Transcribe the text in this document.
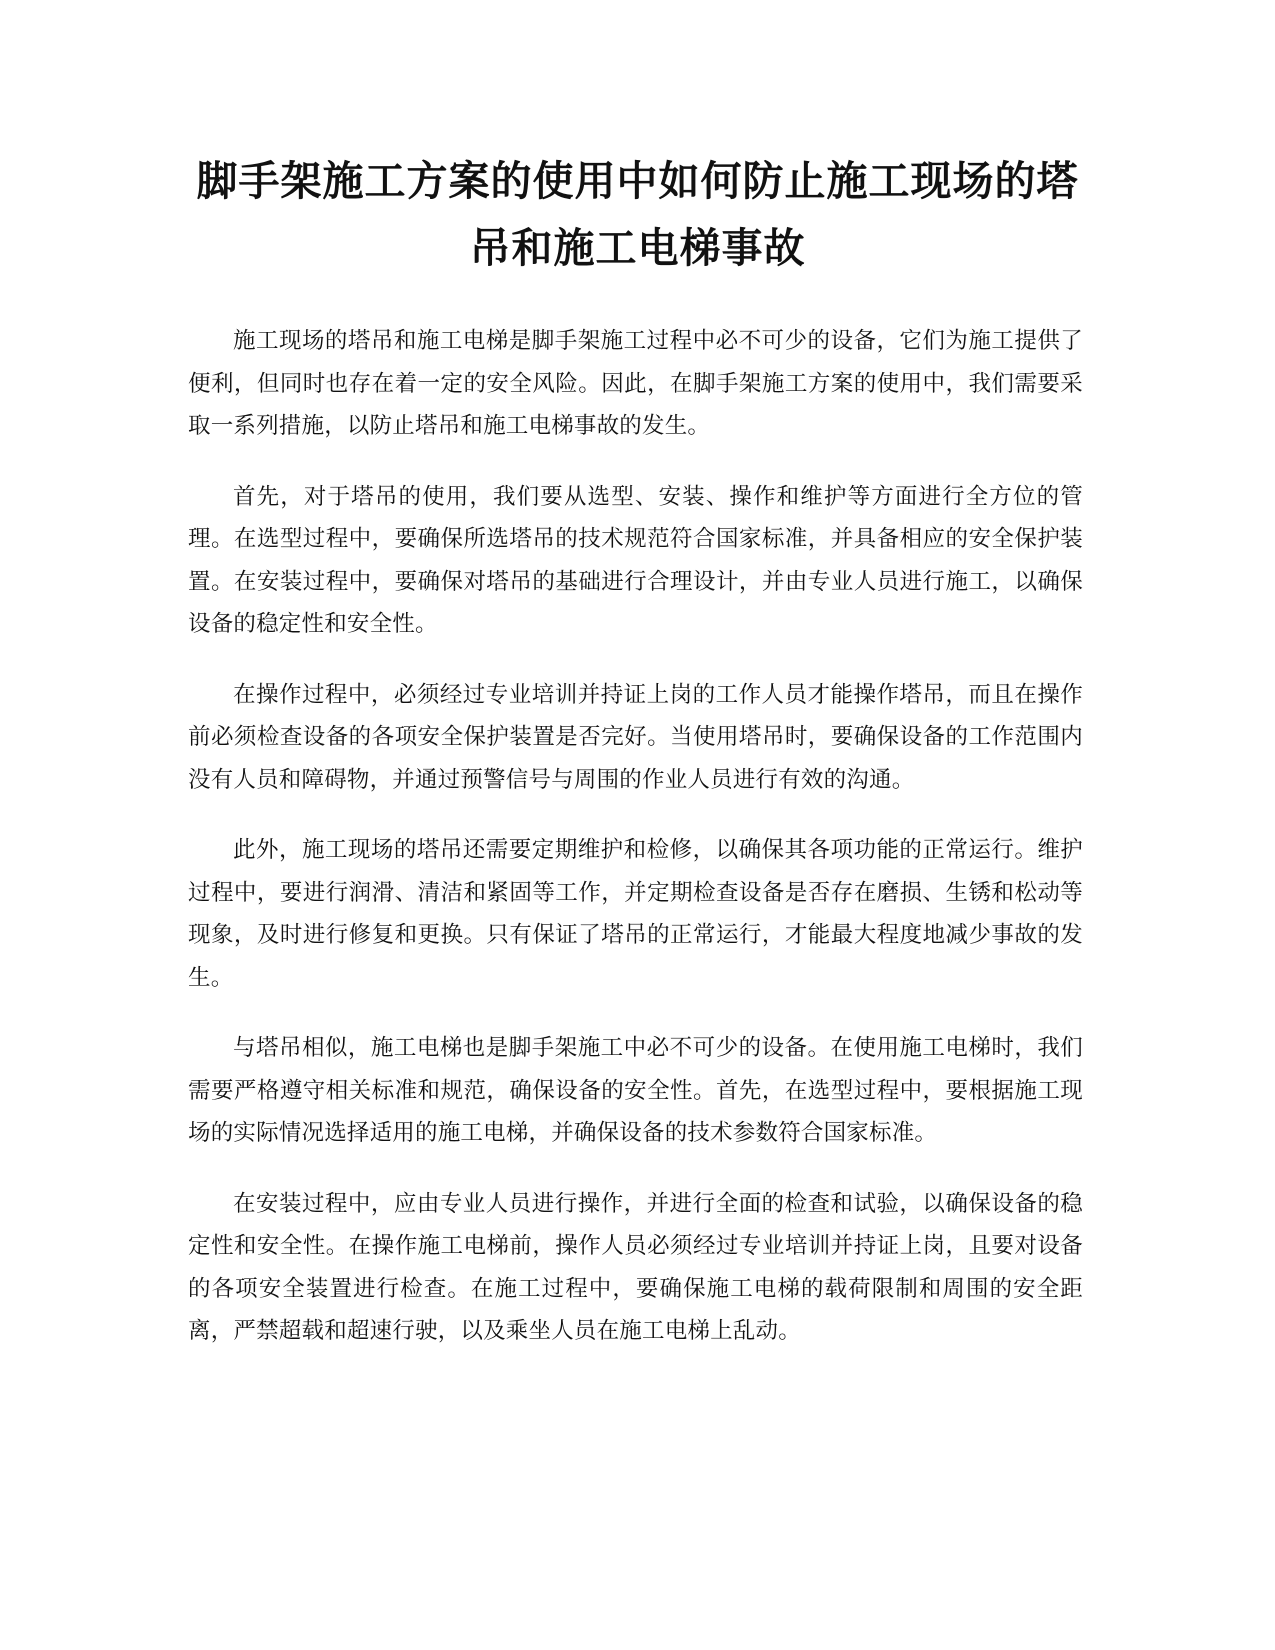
脚手架施工方案的使用中如何防止施工现场的塔吊和施工电梯事故

施工现场的塔吊和施工电梯是脚手架施工过程中必不可少的设备，它们为施工提供了便利，但同时也存在着一定的安全风险。因此，在脚手架施工方案的使用中，我们需要采取一系列措施，以防止塔吊和施工电梯事故的发生。

首先，对于塔吊的使用，我们要从选型、安装、操作和维护等方面进行全方位的管理。在选型过程中，要确保所选塔吊的技术规范符合国家标准，并具备相应的安全保护装置。在安装过程中，要确保对塔吊的基础进行合理设计，并由专业人员进行施工，以确保设备的稳定性和安全性。

在操作过程中，必须经过专业培训并持证上岗的工作人员才能操作塔吊，而且在操作前必须检查设备的各项安全保护装置是否完好。当使用塔吊时，要确保设备的工作范围内没有人员和障碍物，并通过预警信号与周围的作业人员进行有效的沟通。

此外，施工现场的塔吊还需要定期维护和检修，以确保其各项功能的正常运行。维护过程中，要进行润滑、清洁和紧固等工作，并定期检查设备是否存在磨损、生锈和松动等现象，及时进行修复和更换。只有保证了塔吊的正常运行，才能最大程度地减少事故的发生。

与塔吊相似，施工电梯也是脚手架施工中必不可少的设备。在使用施工电梯时，我们需要严格遵守相关标准和规范，确保设备的安全性。首先，在选型过程中，要根据施工现场的实际情况选择适用的施工电梯，并确保设备的技术参数符合国家标准。

在安装过程中，应由专业人员进行操作，并进行全面的检查和试验，以确保设备的稳定性和安全性。在操作施工电梯前，操作人员必须经过专业培训并持证上岗，且要对设备的各项安全装置进行检查。在施工过程中，要确保施工电梯的载荷限制和周围的安全距离，严禁超载和超速行驶，以及乘坐人员在施工电梯上乱动。
